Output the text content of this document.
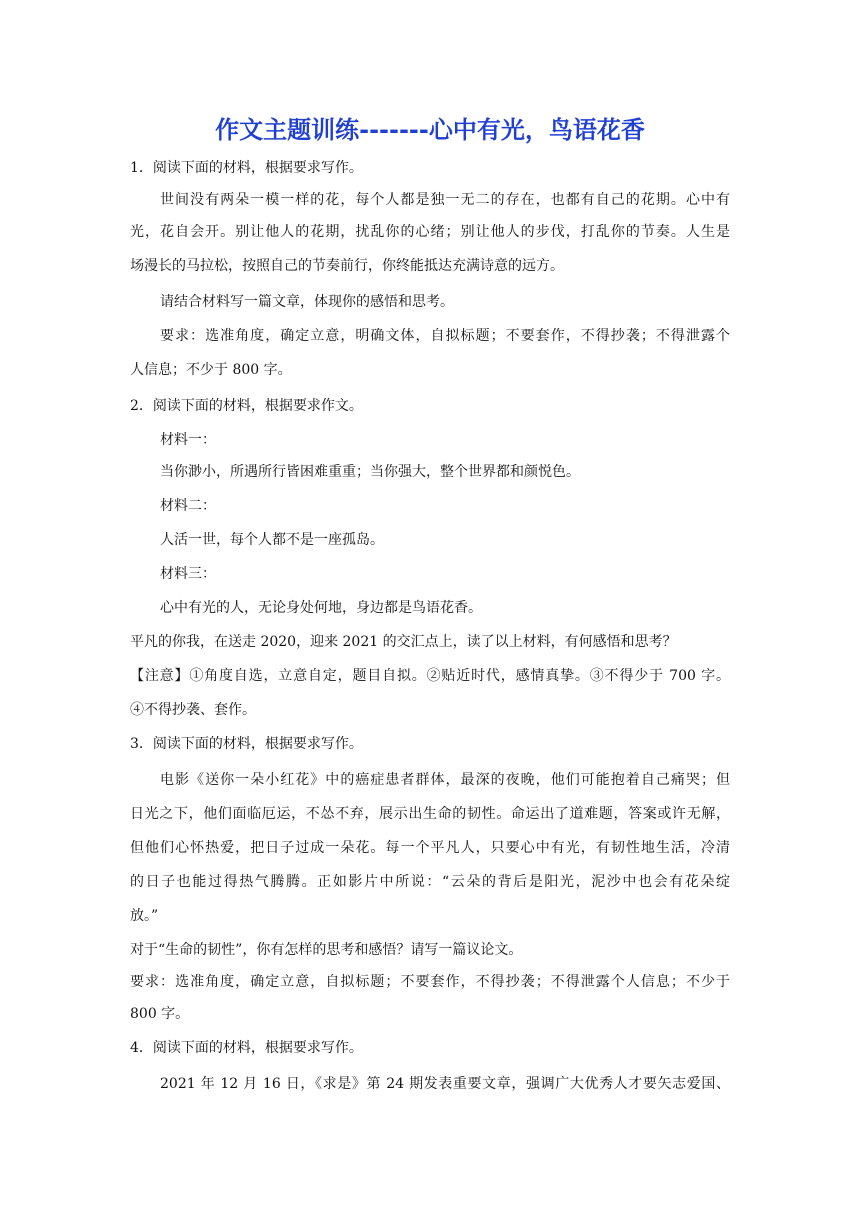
作文主题训练-------心中有光，鸟语花香
1．阅读下面的材料，根据要求写作。
世间没有两朵一模一样的花，每个人都是独一无二的存在，也都有自己的花期。心中有
光，花自会开。别让他人的花期，扰乱你的心绪；别让他人的步伐，打乱你的节奏。人生是
场漫长的马拉松，按照自己的节奏前行，你终能抵达充满诗意的远方。
请结合材料写一篇文章，体现你的感悟和思考。
要求：选准角度，确定立意，明确文体，自拟标题；不要套作，不得抄袭；不得泄露个
人信息；不少于 800 字。
2．阅读下面的材料，根据要求作文。
材料一：
当你渺小，所遇所行皆困难重重；当你强大，整个世界都和颜悦色。
材料二：
人活一世，每个人都不是一座孤岛。
材料三：
心中有光的人，无论身处何地，身边都是鸟语花香。
平凡的你我，在送走 2020，迎来 2021 的交汇点上，读了以上材料，有何感悟和思考？
【注意】①角度自选，立意自定，题目自拟。②贴近时代，感情真挚。③不得少于 700 字。
④不得抄袭、套作。
3．阅读下面的材料，根据要求写作。
电影《送你一朵小红花》中的癌症患者群体，最深的夜晚，他们可能抱着自己痛哭；但
日光之下，他们面临厄运，不怂不弃，展示出生命的韧性。命运出了道难题，答案或许无解，
但他们心怀热爱，把日子过成一朵花。每一个平凡人，只要心中有光，有韧性地生活，冷清
的日子也能过得热气腾腾。正如影片中所说：“云朵的背后是阳光，泥沙中也会有花朵绽
放。”
对于“生命的韧性”，你有怎样的思考和感悟？请写一篇议论文。
要求：选准角度，确定立意，自拟标题；不要套作，不得抄袭；不得泄露个人信息；不少于
800 字。
4．阅读下面的材料，根据要求写作。
2021 年 12 月 16 日，《求是》第 24 期发表重要文章，强调广大优秀人才要矢志爱国、
